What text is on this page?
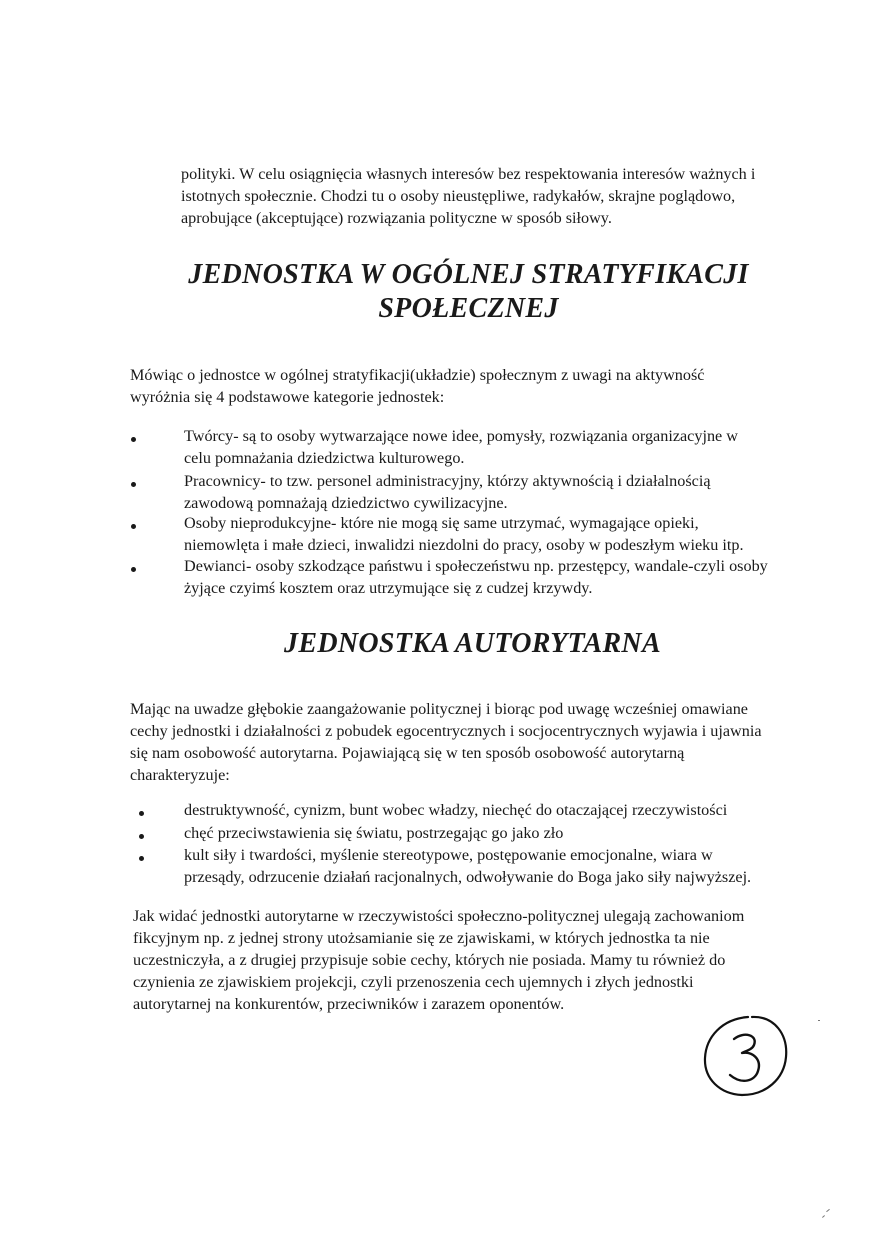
polityki. W celu osiągnięcia własnych interesów bez respektowania interesów ważnych i
istotnych społecznie. Chodzi tu o osoby nieustępliwe, radykałów, skrajne poglądowo,
aprobujące (akceptujące) rozwiązania polityczne w sposób siłowy.

JEDNOSTKA W OGÓLNEJ STRATYFIKACJI
SPOŁECZNEJ

Mówiąc o jednostce w ogólnej stratyfikacji(układzie) społecznym z uwagi na aktywność
wyróżnia się 4 podstawowe kategorie jednostek:

Twórcy- są to osoby wytwarzające nowe idee, pomysły, rozwiązania organizacyjne w
celu pomnażania dziedzictwa kulturowego.
Pracownicy- to tzw. personel administracyjny, którzy aktywnością i działalnością
zawodową pomnażają dziedzictwo cywilizacyjne.
Osoby nieprodukcyjne- które nie mogą się same utrzymać, wymagające opieki,
niemowlęta i małe dzieci, inwalidzi niezdolni do pracy, osoby w podeszłym wieku itp.
Dewianci- osoby szkodzące państwu i społeczeństwu np. przestępcy, wandale-czyli osoby
żyjące czyimś kosztem oraz utrzymujące się z cudzej krzywdy.
JEDNOSTKA AUTORYTARNA

Mając na uwadze głębokie zaangażowanie politycznej i biorąc pod uwagę wcześniej omawiane
cechy jednostki i działalności z pobudek egocentrycznych i socjocentrycznych wyjawia i ujawnia
się nam osobowość autorytarna. Pojawiającą się w ten sposób osobowość autorytarną
charakteryzuje:

destruktywność, cynizm, bunt wobec władzy, niechęć do otaczającej rzeczywistości
chęć przeciwstawienia się światu, postrzegając go jako zło
kult siły i twardości, myślenie stereotypowe, postępowanie emocjonalne, wiara w
przesądy, odrzucenie działań racjonalnych, odwoływanie do Boga jako siły najwyższej.

Jak widać jednostki autorytarne w rzeczywistości społeczno-politycznej ulegają zachowaniom
fikcyjnym np. z jednej strony utożsamianie się ze zjawiskami, w których jednostka ta nie
uczestniczyła, a z drugiej przypisuje sobie cechy, których nie posiada. Mamy tu również do
czynienia ze zjawiskiem projekcji, czyli przenoszenia cech ujemnych i złych jednostki
autorytarnej na konkurentów, przeciwników i zarazem oponentów.
